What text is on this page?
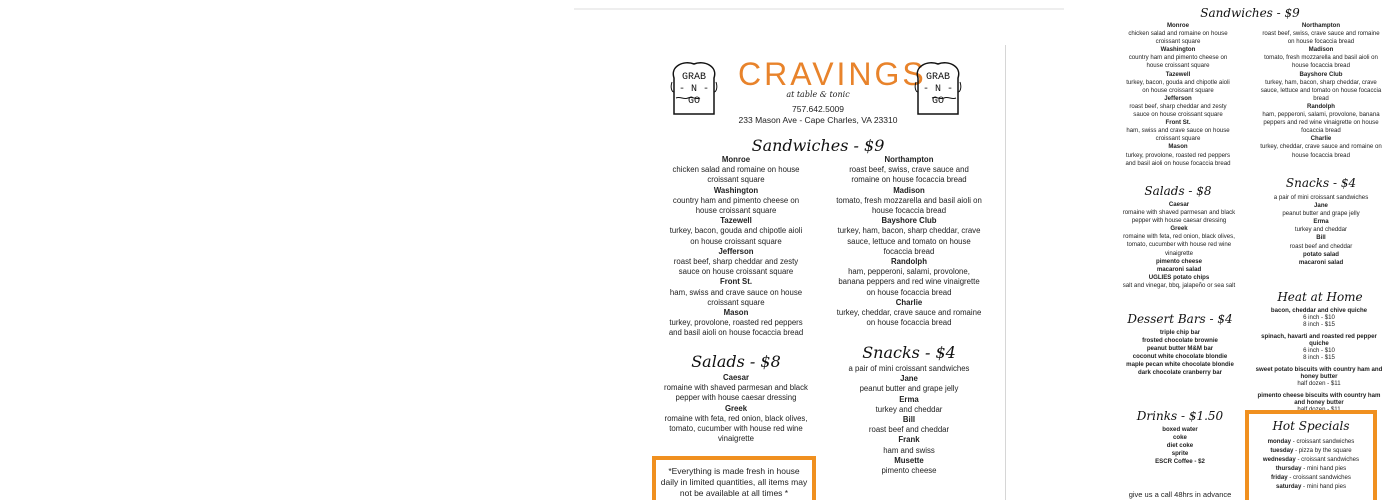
GRAB
- N -
GO
CRAVINGS
at table & tonic
757.642.5009
233 Mason Ave - Cape Charles, VA 23310
GRAB
- N -
GO
Sandwiches - $9
Monroe
chicken salad and romaine on house croissant square
Washington
country ham and pimento cheese on house croissant square
Tazewell
turkey, bacon, gouda and chipotle aioli on house croissant square
Jefferson
roast beef, sharp cheddar and zesty sauce on house croissant square
Front St.
ham, swiss and crave sauce on house croissant square
Mason
turkey, provolone, roasted red peppers and basil aioli on house focaccia bread
Northampton
roast beef, swiss, crave sauce and romaine on house focaccia bread
Madison
tomato, fresh mozzarella and basil aioli on house focaccia bread
Bayshore Club
turkey, ham, bacon, sharp cheddar, crave sauce, lettuce and tomato on house focaccia bread
Randolph
ham, pepperoni, salami, provolone, banana peppers and red wine vinaigrette on house focaccia bread
Charlie
turkey, cheddar, crave sauce and romaine on house focaccia bread
Salads - $8
Caesar
romaine with shaved parmesan and black pepper with house caesar dressing
Greek
romaine with feta, red onion, black olives, tomato, cucumber with house red wine vinaigrette
Snacks - $4
a pair of mini croissant sandwiches
Jane
peanut butter and grape jelly
Erma
turkey and cheddar
Bill
roast beef and cheddar
Frank
ham and swiss
Musette
pimento cheese
*Everything is made fresh in house daily in limited quantities, all items may not be available at all times *
Sandwiches - $9
Monroe
chicken salad and romaine on house croissant square
Washington
country ham and pimento cheese on house croissant square
Tazewell
turkey, bacon, gouda and chipotle aioli on house croissant square
Jefferson
roast beef, sharp cheddar and zesty sauce on house croissant square
Front St.
ham, swiss and crave sauce on house croissant square
Mason
turkey, provolone, roasted red peppers and basil aioli on house focaccia bread
Northampton
roast beef, swiss, crave sauce and romaine on house focaccia bread
Madison
tomato, fresh mozzarella and basil aioli on house focaccia bread
Bayshore Club
turkey, ham, bacon, sharp cheddar, crave sauce, lettuce and tomato on house focaccia bread
Randolph
ham, pepperoni, salami, provolone, banana peppers and red wine vinaigrette on house focaccia bread
Charlie
turkey, cheddar, crave sauce and romaine on house focaccia bread
Salads - $8
Caesar
romaine with shaved parmesan and black pepper with house caesar dressing
Greek
romaine with feta, red onion, black olives, tomato, cucumber with house red wine vinaigrette
pimento cheese
macaroni salad
UGLIES potato chips
salt and vinegar, bbq, jalapeño or sea salt
Snacks - $4
a pair of mini croissant sandwiches
Jane
peanut butter and grape jelly
Erma
turkey and cheddar
Bill
roast beef and cheddar
potato salad
macaroni salad
Dessert Bars - $4
triple chip bar
frosted chocolate brownie
peanut butter M&M bar
coconut white chocolate blondie
maple pecan white chocolate blondie
dark chocolate cranberry bar
Drinks - $1.50
boxed water
coke
diet coke
sprite
ESCR Coffee - $2
give us a call 48hrs in advance
Heat at Home
bacon, cheddar and chive quiche
6 inch - $10
8 inch - $15
spinach, havarti and roasted red pepper quiche
6 inch - $10
8 inch - $15
sweet potato biscuits with country ham and honey butter
half dozen - $11
pimento cheese biscuits with country ham and honey butter
half dozen - $11
Hot Specials
monday - croissant sandwiches
tuesday - pizza by the square
wednesday - croissant sandwiches
thursday - mini hand pies
friday - croissant sandwiches
saturday - mini hand pies
